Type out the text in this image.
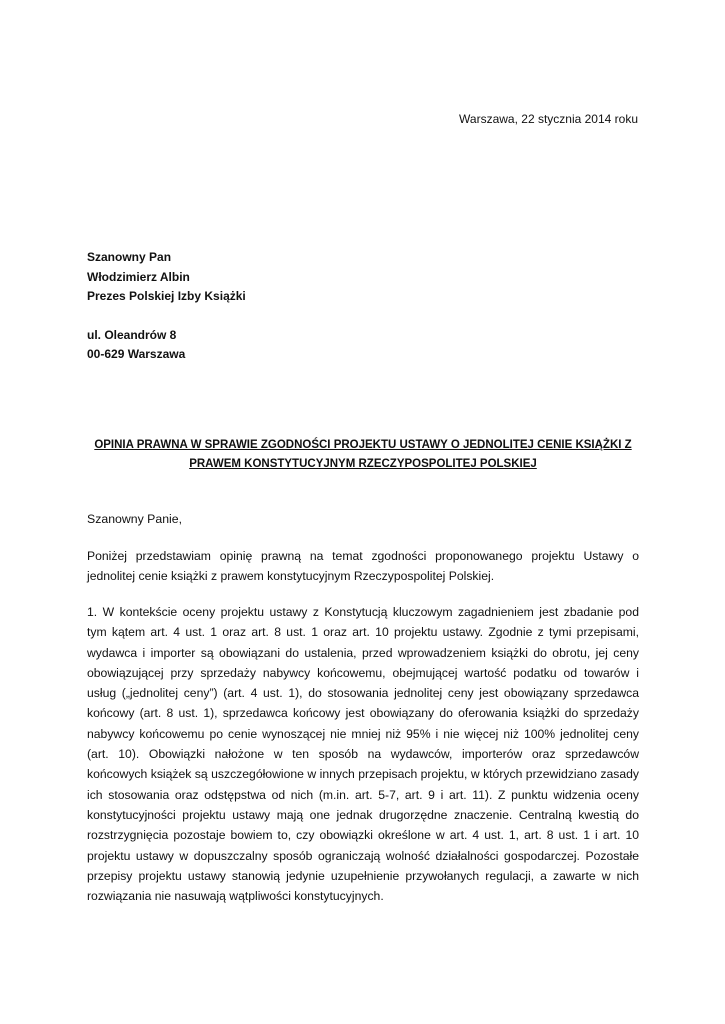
Warszawa, 22 stycznia 2014 roku
Szanowny Pan
Włodzimierz Albin
Prezes Polskiej Izby Książki
ul. Oleandrów 8
00-629 Warszawa
OPINIA PRAWNA W SPRAWIE ZGODNOŚCI PROJEKTU USTAWY O JEDNOLITEJ CENIE KSIĄŻKI Z
PRAWEM KONSTYTUCYJNYM RZECZYPOSPOLITEJ POLSKIEJ
Szanowny Panie,
Poniżej przedstawiam opinię prawną na temat zgodności proponowanego projektu Ustawy o
jednolitej cenie książki z prawem konstytucyjnym Rzeczypospolitej Polskiej.
1. W kontekście oceny projektu ustawy z Konstytucją kluczowym zagadnieniem jest zbadanie pod
tym kątem art. 4 ust. 1 oraz art. 8 ust. 1 oraz art. 10 projektu ustawy. Zgodnie z tymi przepisami,
wydawca i importer są obowiązani do ustalenia, przed wprowadzeniem książki do obrotu, jej ceny
obowiązującej przy sprzedaży nabywcy końcowemu, obejmującej wartość podatku od towarów i
usług („jednolitej ceny”) (art. 4 ust. 1), do stosowania jednolitej ceny jest obowiązany sprzedawca
końcowy (art. 8 ust. 1), sprzedawca końcowy jest obowiązany do oferowania książki do sprzedaży
nabywcy końcowemu po cenie wynoszącej nie mniej niż 95% i nie więcej niż 100% jednolitej ceny
(art. 10). Obowiązki nałożone w ten sposób na wydawców, importerów oraz sprzedawców
końcowych książek są uszczegółowione w innych przepisach projektu, w których przewidziano zasady
ich stosowania oraz odstępstwa od nich (m.in. art. 5-7, art. 9 i art. 11). Z punktu widzenia oceny
konstytucyjności projektu ustawy mają one jednak drugorzędne znaczenie. Centralną kwestią do
rozstrzygnięcia pozostaje bowiem to, czy obowiązki określone w art. 4 ust. 1, art. 8 ust. 1 i art. 10
projektu ustawy w dopuszczalny sposób ograniczają wolność działalności gospodarczej. Pozostałe
przepisy projektu ustawy stanowią jedynie uzupełnienie przywołanych regulacji, a zawarte w nich
rozwiązania nie nasuwają wątpliwości konstytucyjnych.
